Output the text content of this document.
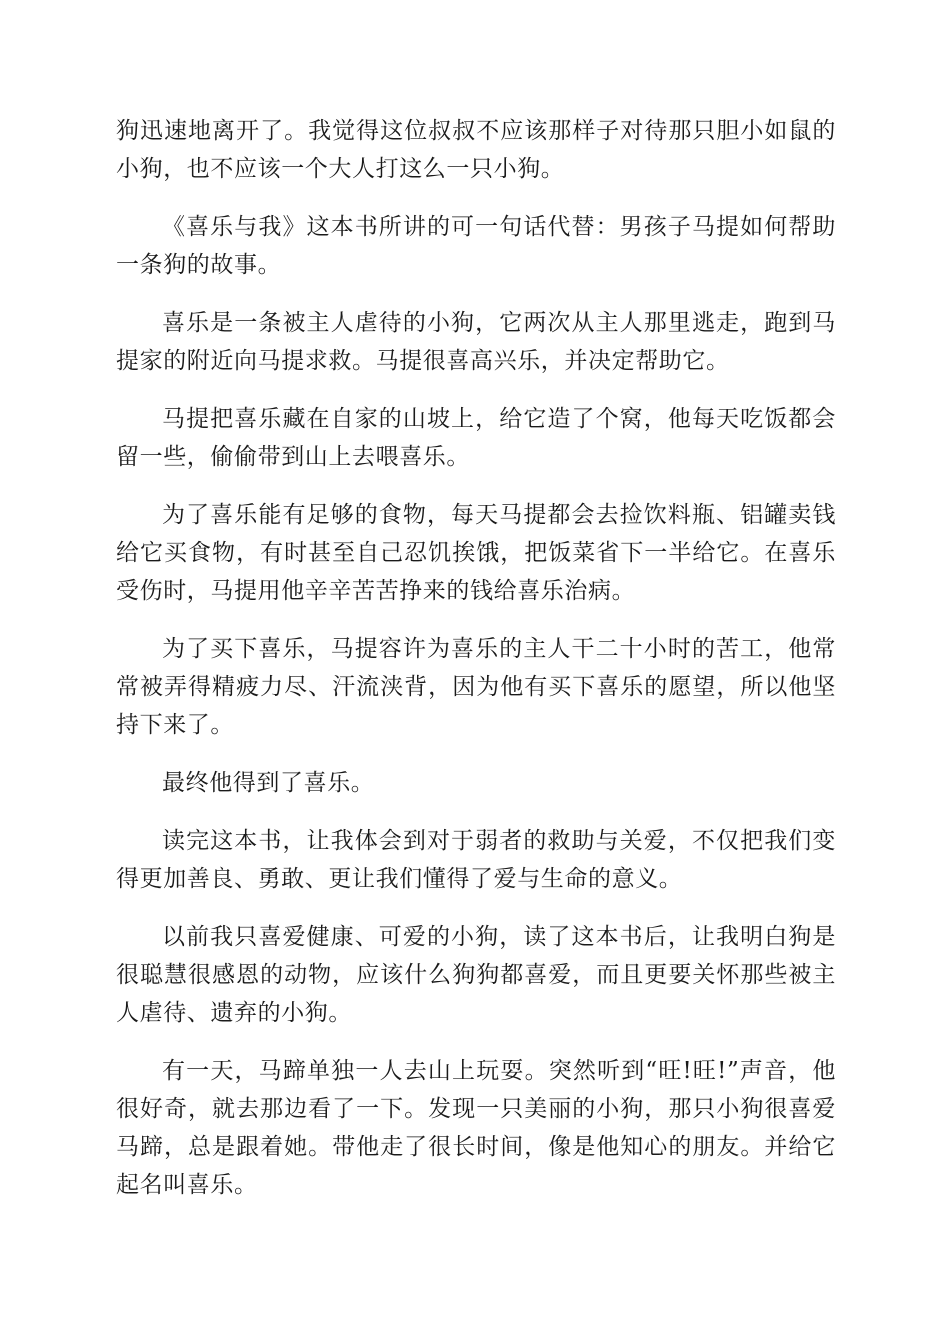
狗迅速地离开了。我觉得这位叔叔不应该那样子对待那只胆小如鼠的小狗，也不应该一个大人打这么一只小狗。

《喜乐与我》这本书所讲的可一句话代替：男孩子马提如何帮助一条狗的故事。

喜乐是一条被主人虐待的小狗，它两次从主人那里逃走，跑到马提家的附近向马提求救。马提很喜高兴乐，并决定帮助它。

马提把喜乐藏在自家的山坡上，给它造了个窝，他每天吃饭都会留一些，偷偷带到山上去喂喜乐。

为了喜乐能有足够的食物，每天马提都会去捡饮料瓶、铝罐卖钱给它买食物，有时甚至自己忍饥挨饿，把饭菜省下一半给它。在喜乐受伤时，马提用他辛辛苦苦挣来的钱给喜乐治病。

为了买下喜乐，马提容许为喜乐的主人干二十小时的苦工，他常常被弄得精疲力尽、汗流浃背，因为他有买下喜乐的愿望，所以他坚持下来了。

最终他得到了喜乐。

读完这本书，让我体会到对于弱者的救助与关爱，不仅把我们变得更加善良、勇敢、更让我们懂得了爱与生命的意义。

以前我只喜爱健康、可爱的小狗，读了这本书后，让我明白狗是很聪慧很感恩的动物，应该什么狗狗都喜爱，而且更要关怀那些被主人虐待、遗弃的小狗。

有一天，马蹄单独一人去山上玩耍。突然听到“旺!旺!”声音，他很好奇，就去那边看了一下。发现一只美丽的小狗，那只小狗很喜爱马蹄，总是跟着她。带他走了很长时间，像是他知心的朋友。并给它起名叫喜乐。
